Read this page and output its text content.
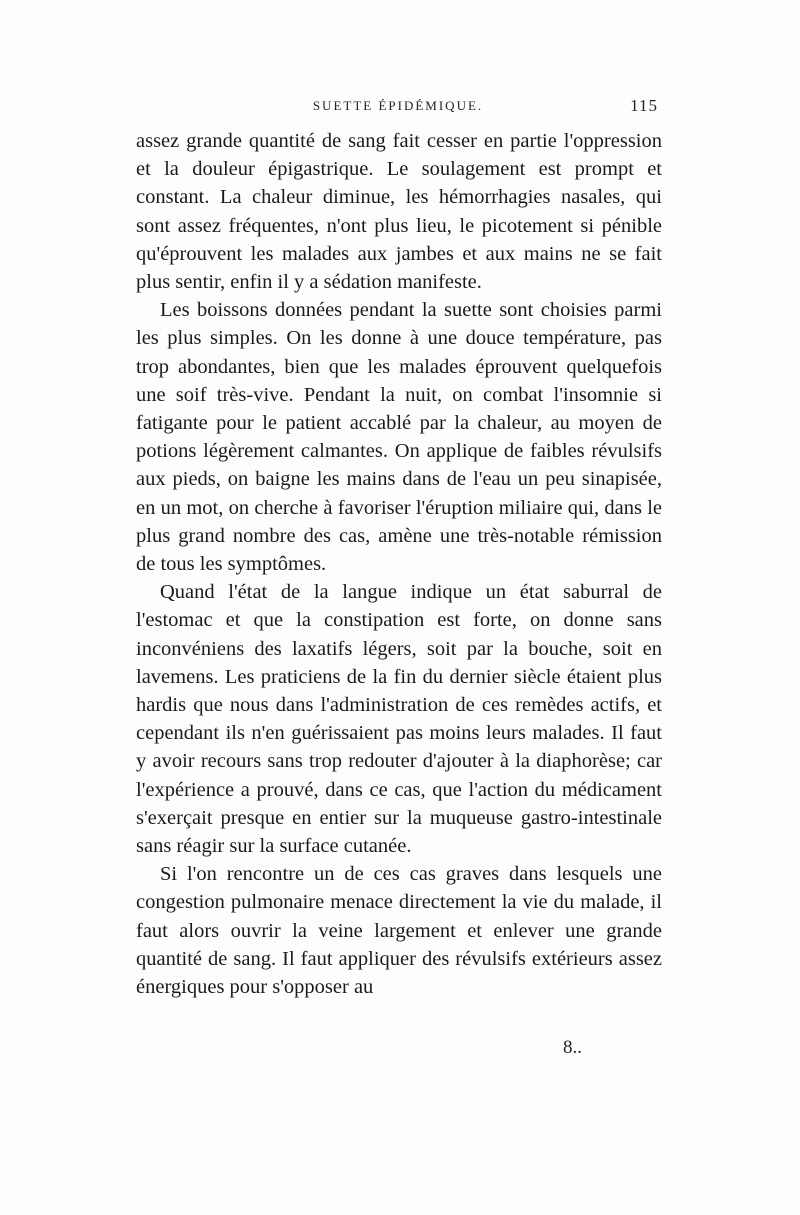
SUETTE ÉPIDÉMIQUE.	115

assez grande quantité de sang fait cesser en partie l'oppression et la douleur épigastrique. Le soulagement est prompt et constant. La chaleur diminue, les hémorrhagies nasales, qui sont assez fréquentes, n'ont plus lieu, le picotement si pénible qu'éprouvent les malades aux jambes et aux mains ne se fait plus sentir, enfin il y a sédation manifeste.

Les boissons données pendant la suette sont choisies parmi les plus simples. On les donne à une douce température, pas trop abondantes, bien que les malades éprouvent quelquefois une soif très-vive. Pendant la nuit, on combat l'insomnie si fatigante pour le patient accablé par la chaleur, au moyen de potions légèrement calmantes. On applique de faibles révulsifs aux pieds, on baigne les mains dans de l'eau un peu sinapisée, en un mot, on cherche à favoriser l'éruption miliaire qui, dans le plus grand nombre des cas, amène une très-notable rémission de tous les symptômes.

Quand l'état de la langue indique un état saburral de l'estomac et que la constipation est forte, on donne sans inconvéniens des laxatifs légers, soit par la bouche, soit en lavemens. Les praticiens de la fin du dernier siècle étaient plus hardis que nous dans l'administration de ces remèdes actifs, et cependant ils n'en guérissaient pas moins leurs malades. Il faut y avoir recours sans trop redouter d'ajouter à la diaphorèse; car l'expérience a prouvé, dans ce cas, que l'action du médicament s'exerçait presque en entier sur la muqueuse gastro-intestinale sans réagir sur la surface cutanée.

Si l'on rencontre un de ces cas graves dans lesquels une congestion pulmonaire menace directement la vie du malade, il faut alors ouvrir la veine largement et enlever une grande quantité de sang. Il faut appliquer des révulsifs extérieurs assez énergiques pour s'opposer au

8..
